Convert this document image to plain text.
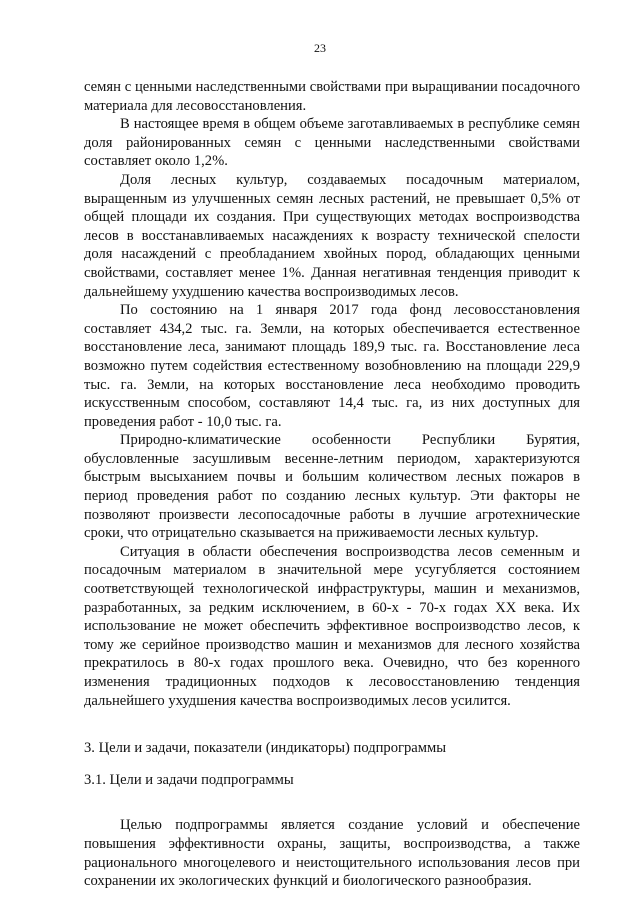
23

семян с ценными наследственными свойствами при выращивании посадочного материала для лесовосстановления.

В настоящее время в общем объеме заготавливаемых в республике семян доля районированных семян с ценными наследственными свойствами составляет около 1,2%.

Доля лесных культур, создаваемых посадочным материалом, выращенным из улучшенных семян лесных растений, не превышает 0,5% от общей площади их создания. При существующих методах воспроизводства лесов в восстанавливаемых насаждениях к возрасту технической спелости доля насаждений с преобладанием хвойных пород, обладающих ценными свойствами, составляет менее 1%. Данная негативная тенденция приводит к дальнейшему ухудшению качества воспроизводимых лесов.

По состоянию на 1 января 2017 года фонд лесовосстановления составляет 434,2 тыс. га. Земли, на которых обеспечивается естественное восстановление леса, занимают площадь 189,9 тыс. га. Восстановление леса возможно путем содействия естественному возобновлению на площади 229,9 тыс. га. Земли, на которых восстановление леса необходимо проводить искусственным способом, составляют 14,4 тыс. га, из них доступных для проведения работ - 10,0 тыс. га.

Природно-климатические особенности Республики Бурятия, обусловленные засушливым весенне-летним периодом, характеризуются быстрым высыханием почвы и большим количеством лесных пожаров в период проведения работ по созданию лесных культур. Эти факторы не позволяют произвести лесопосадочные работы в лучшие агротехнические сроки, что отрицательно сказывается на приживаемости лесных культур.

Ситуация в области обеспечения воспроизводства лесов семенным и посадочным материалом в значительной мере усугубляется состоянием соответствующей технологической инфраструктуры, машин и механизмов, разработанных, за редким исключением, в 60-х - 70-х годах XX века. Их использование не может обеспечить эффективное воспроизводство лесов, к тому же серийное производство машин и механизмов для лесного хозяйства прекратилось в 80-х годах прошлого века. Очевидно, что без коренного изменения традиционных подходов к лесовосстановлению тенденция дальнейшего ухудшения качества воспроизводимых лесов усилится.

3. Цели и задачи, показатели (индикаторы) подпрограммы

3.1. Цели и задачи подпрограммы

Целью подпрограммы является создание условий и обеспечение повышения эффективности охраны, защиты, воспроизводства, а также рационального многоцелевого и неистощительного использования лесов при сохранении их экологических функций и биологического разнообразия.
